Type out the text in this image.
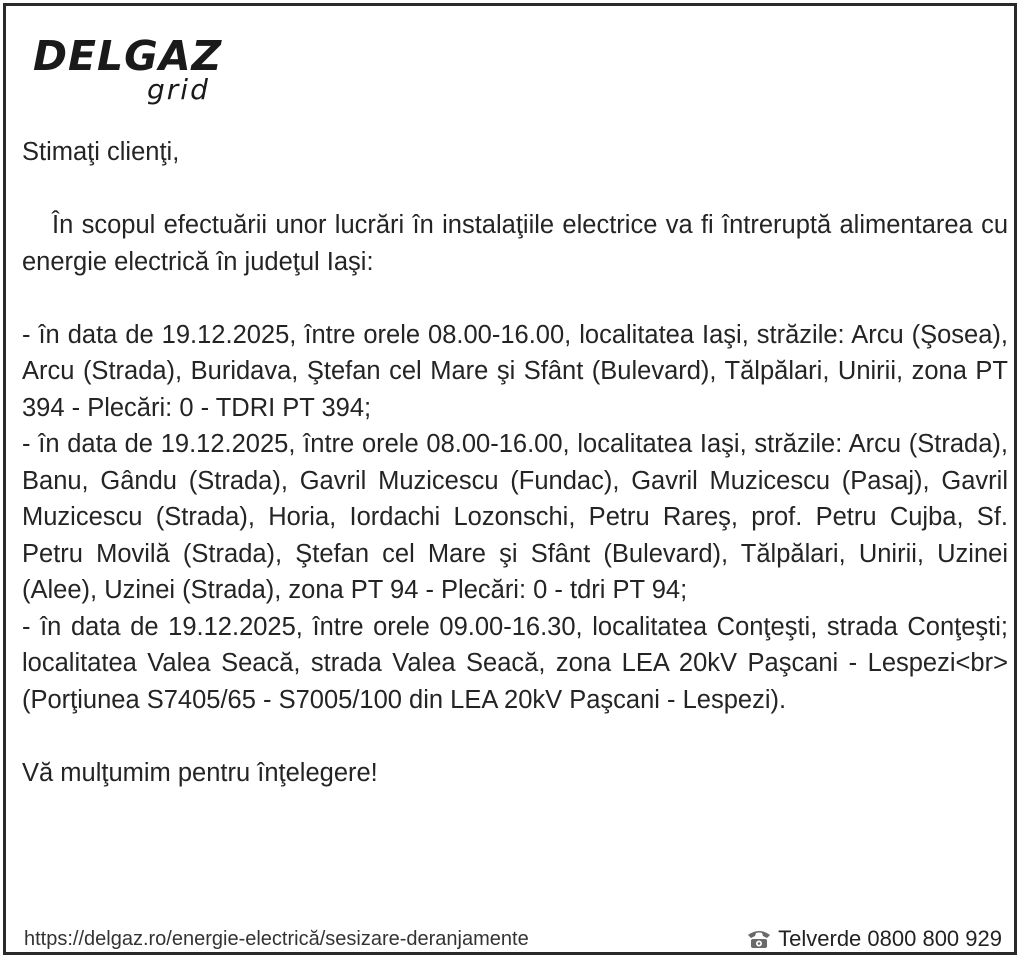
DELGAZ
grid

Stimaţi clienţi,

În scopul efectuării unor lucrări în instalaţiile electrice va fi întreruptă alimentarea cu energie electrică în judeţul Iaşi:

- în data de 19.12.2025, între orele 08.00-16.00, localitatea Iaşi, străzile: Arcu (Şosea), Arcu (Strada), Buridava, Ştefan cel Mare şi Sfânt (Bulevard), Tălpălari, Unirii, zona PT 394 - Plecări: 0 - TDRI PT 394;

- în data de 19.12.2025, între orele 08.00-16.00, localitatea Iaşi, străzile: Arcu (Strada), Banu, Gându (Strada), Gavril Muzicescu (Fundac), Gavril Muzicescu (Pasaj), Gavril Muzicescu (Strada), Horia, Iordachi Lozonschi, Petru Rareş, prof. Petru Cujba, Sf. Petru Movilă (Strada), Ştefan cel Mare şi Sfânt (Bulevard), Tălpălari, Unirii, Uzinei (Alee), Uzinei (Strada), zona PT 94 - Plecări: 0 - tdri PT 94;

- în data de 19.12.2025, între orele 09.00-16.30, localitatea Conţeşti, strada Conţeşti; localitatea Valea Seacă, strada Valea Seacă, zona LEA 20kV Paşcani - Lespezi<br>(Porţiunea S7405/65 - S7005/100 din LEA 20kV Paşcani - Lespezi).

Vă mulţumim pentru înţelegere!

https://delgaz.ro/energie-electrică/sesizare-deranjamente	Telverde 0800 800 929
